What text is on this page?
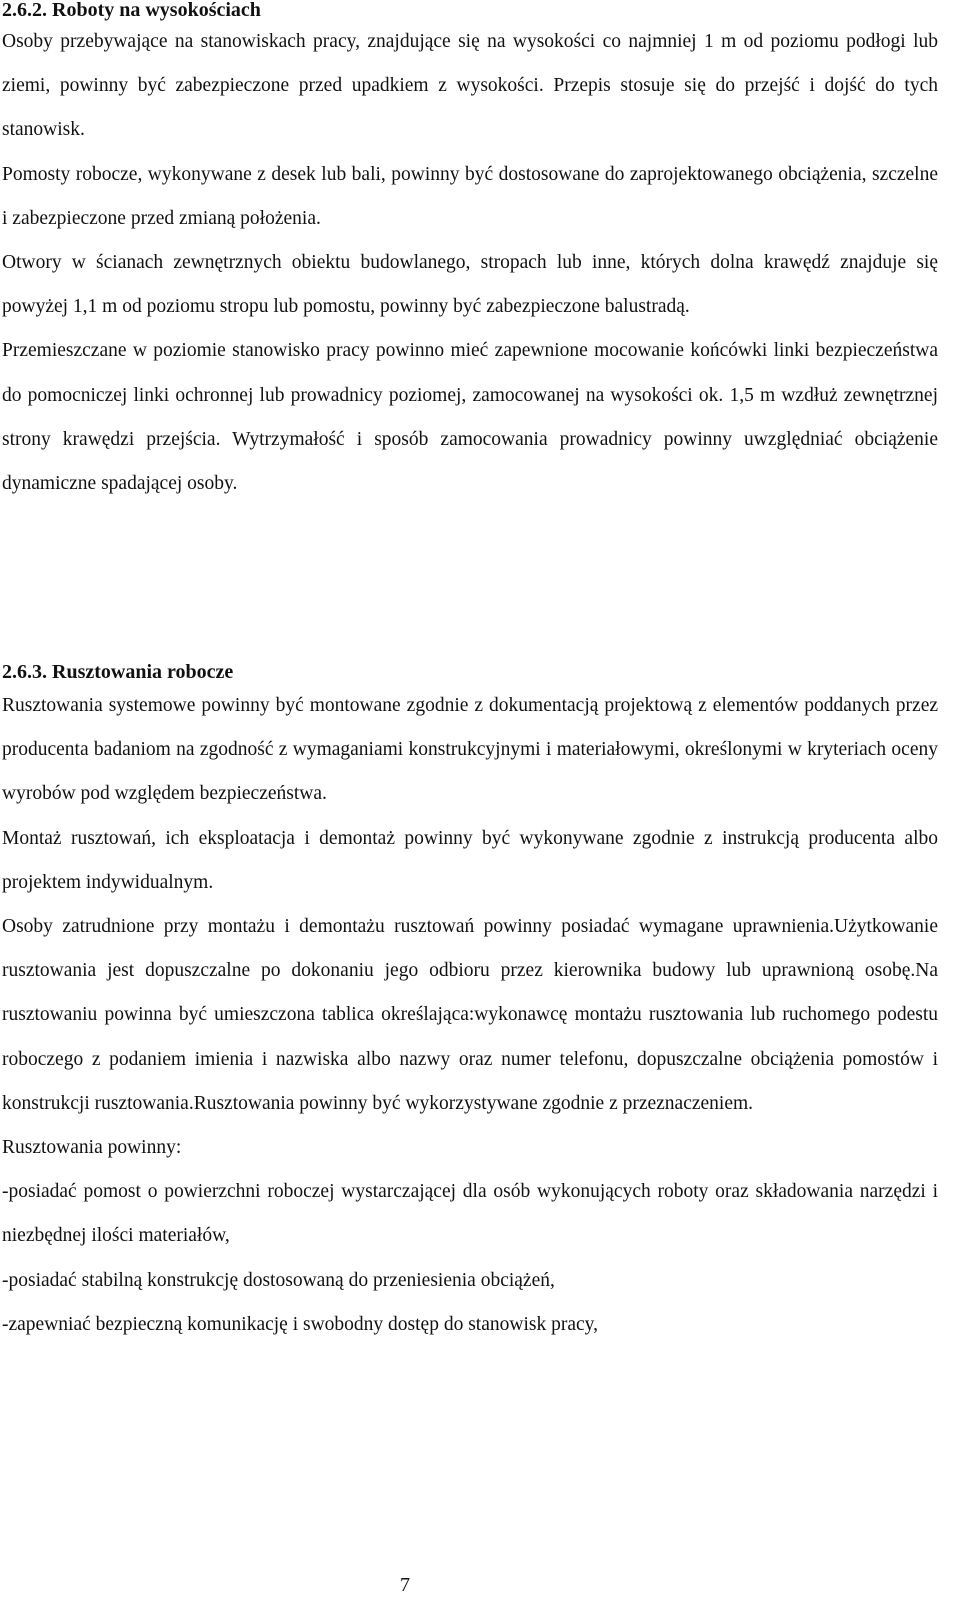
2.6.2. Roboty na wysokościach

Osoby przebywające na stanowiskach pracy, znajdujące się na wysokości co najmniej 1 m od poziomu podłogi lub ziemi, powinny być zabezpieczone przed upadkiem z wysokości. Przepis stosuje się do przejść i dojść do tych stanowisk.

Pomosty robocze, wykonywane z desek lub bali, powinny być dostosowane do zaprojektowanego obciążenia, szczelne i zabezpieczone przed zmianą położenia.

Otwory w ścianach zewnętrznych obiektu budowlanego, stropach lub inne, których dolna krawędź znajduje się powyżej 1,1 m od poziomu stropu lub pomostu, powinny być zabezpieczone balustradą.

Przemieszczane w poziomie stanowisko pracy powinno mieć zapewnione mocowanie końcówki linki bezpieczeństwa do pomocniczej linki ochronnej lub prowadnicy poziomej, zamocowanej na wysokości ok. 1,5 m wzdłuż zewnętrznej strony krawędzi przejścia. Wytrzymałość i sposób zamocowania prowadnicy powinny uwzględniać obciążenie dynamiczne spadającej osoby.

2.6.3. Rusztowania robocze

Rusztowania systemowe powinny być montowane zgodnie z dokumentacją projektową z elementów poddanych przez producenta badaniom na zgodność z wymaganiami konstrukcyjnymi i materiałowymi, określonymi w kryteriach oceny wyrobów pod względem bezpieczeństwa.

Montaż rusztowań, ich eksploatacja i demontaż powinny być wykonywane zgodnie z instrukcją producenta albo projektem indywidualnym.

Osoby zatrudnione przy montażu i demontażu rusztowań powinny posiadać wymagane uprawnienia.Użytkowanie rusztowania jest dopuszczalne po dokonaniu jego odbioru przez kierownika budowy lub uprawnioną osobę.Na rusztowaniu powinna być umieszczona tablica określająca:wykonawcę montażu rusztowania lub ruchomego podestu roboczego z podaniem imienia i nazwiska albo nazwy oraz numer telefonu, dopuszczalne obciążenia pomostów i konstrukcji rusztowania.Rusztowania powinny być wykorzystywane zgodnie z przeznaczeniem.

Rusztowania powinny:

-posiadać pomost o powierzchni roboczej wystarczającej dla osób wykonujących roboty oraz składowania narzędzi i niezbędnej ilości materiałów,

-posiadać stabilną konstrukcję dostosowaną do przeniesienia obciążeń,

-zapewniać bezpieczną komunikację i swobodny dostęp do stanowisk pracy,

7
